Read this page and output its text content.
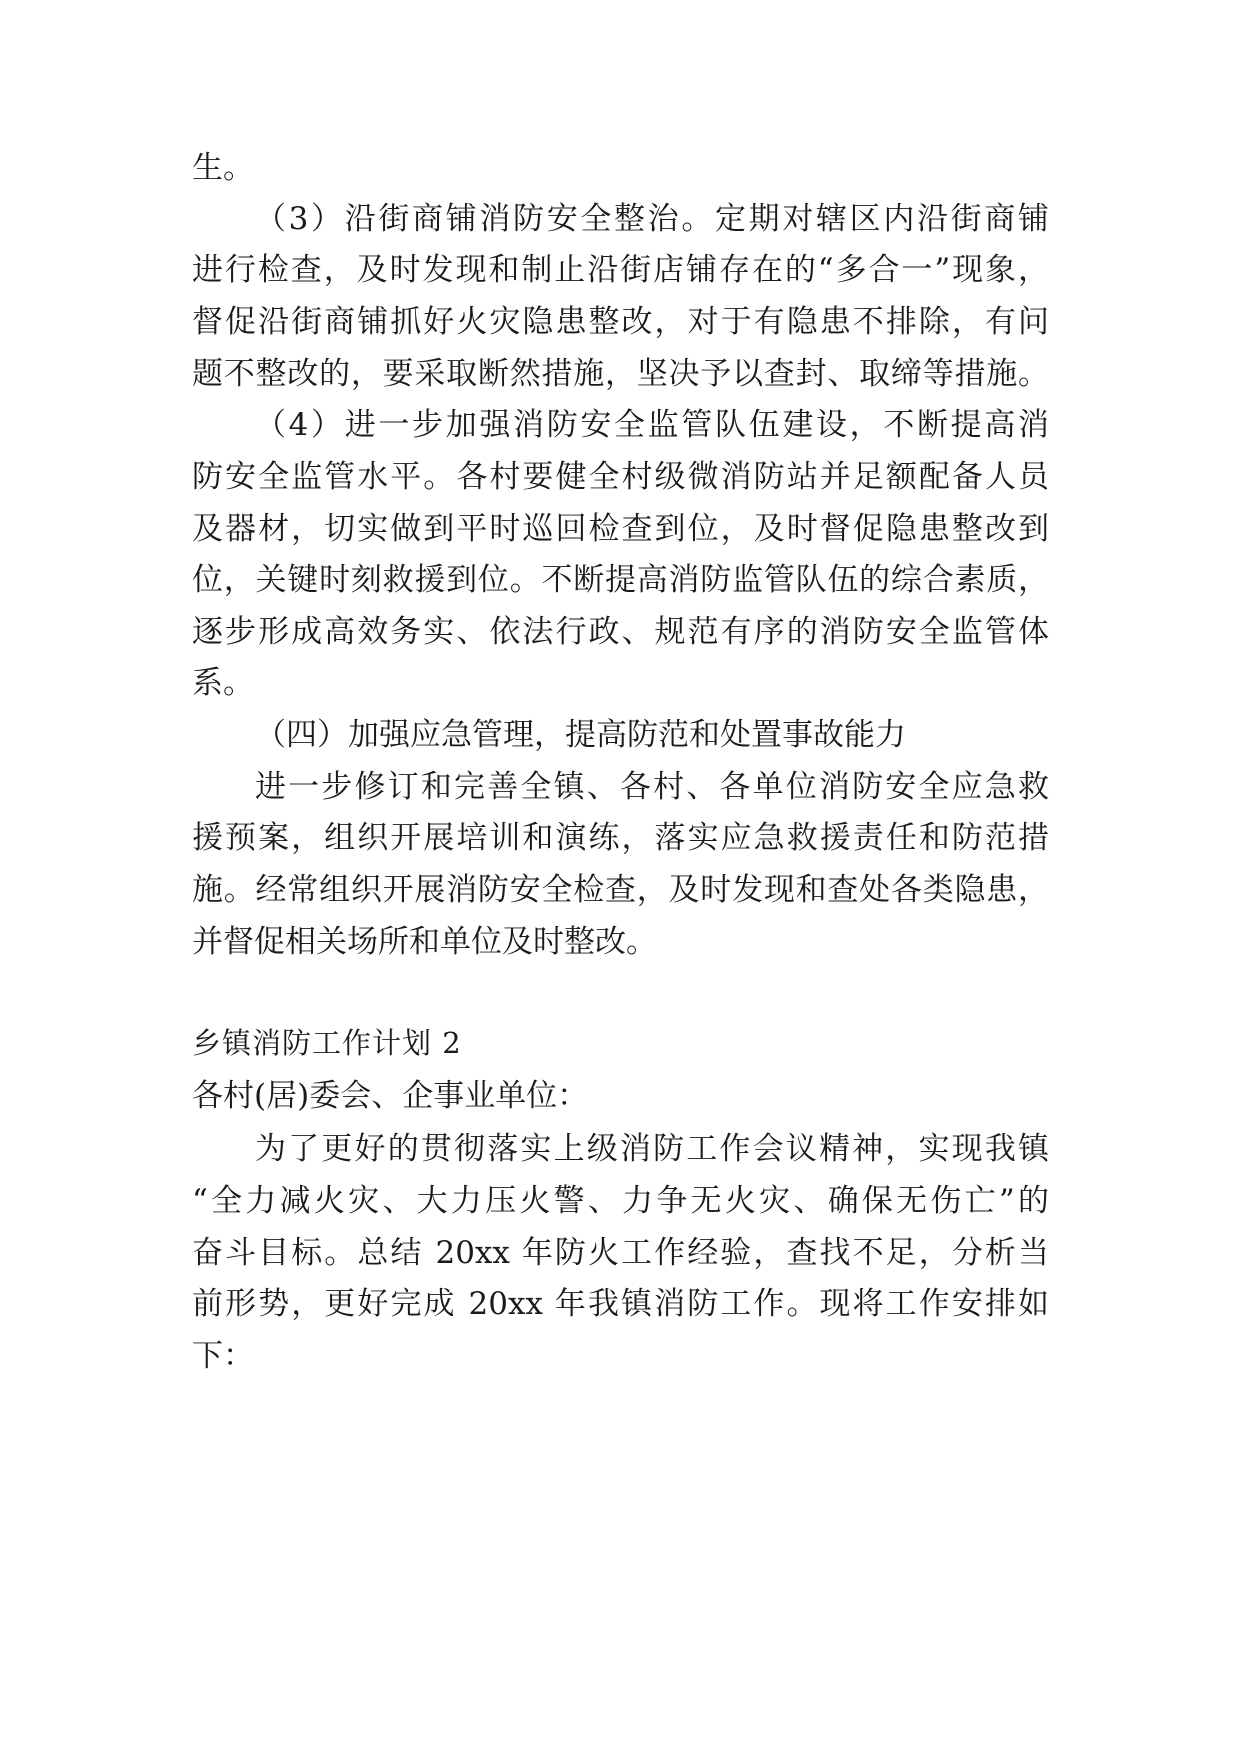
生。
（3）沿街商铺消防安全整治。定期对辖区内沿街商铺
进行检查，及时发现和制止沿街店铺存在的“多合一”现象，
督促沿街商铺抓好火灾隐患整改，对于有隐患不排除，有问
题不整改的，要采取断然措施，坚决予以查封、取缔等措施。
（4）进一步加强消防安全监管队伍建设，不断提高消
防安全监管水平。各村要健全村级微消防站并足额配备人员
及器材，切实做到平时巡回检查到位，及时督促隐患整改到
位，关键时刻救援到位。不断提高消防监管队伍的综合素质，
逐步形成高效务实、依法行政、规范有序的消防安全监管体
系。
（四）加强应急管理，提高防范和处置事故能力
进一步修订和完善全镇、各村、各单位消防安全应急救
援预案，组织开展培训和演练，落实应急救援责任和防范措
施。经常组织开展消防安全检查，及时发现和查处各类隐患，
并督促相关场所和单位及时整改。
乡镇消防工作计划 2
各村(居)委会、企事业单位：
为了更好的贯彻落实上级消防工作会议精神，实现我镇
“全力减火灾、大力压火警、力争无火灾、确保无伤亡”的
奋斗目标。总结 20xx 年防火工作经验，查找不足，分析当
前形势，更好完成 20xx 年我镇消防工作。现将工作安排如
下：
